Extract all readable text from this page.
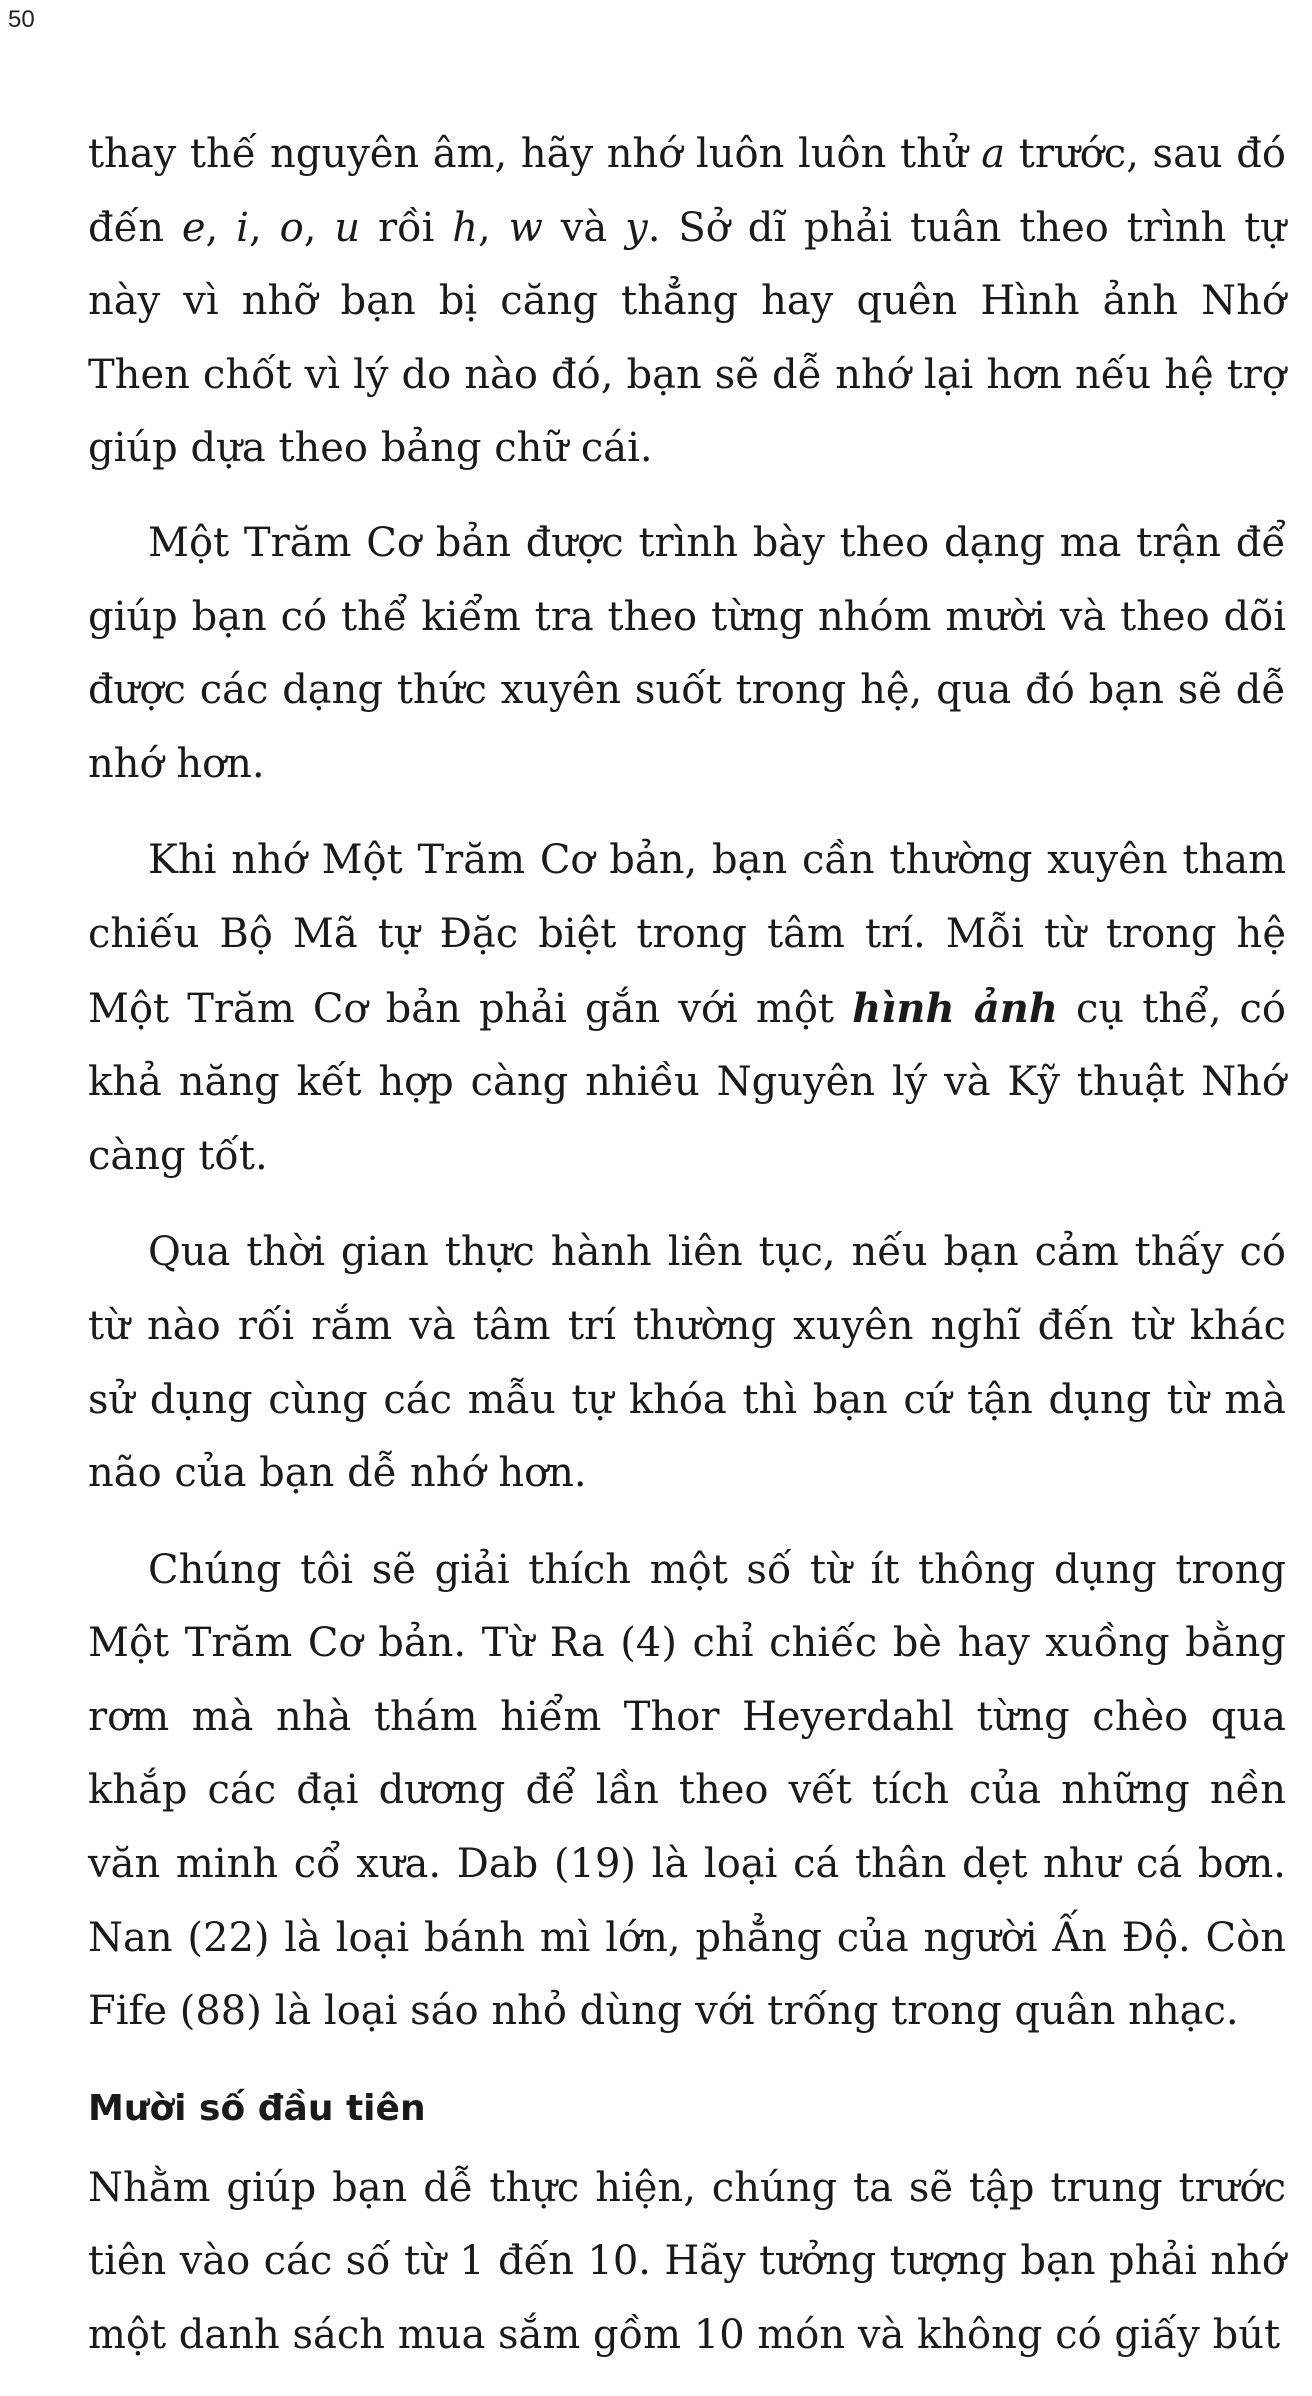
50

thay thế nguyên âm, hãy nhớ luôn luôn thử a trước, sau đó đến e, i, o, u rồi h, w và y. Sở dĩ phải tuân theo trình tự này vì nhỡ bạn bị căng thẳng hay quên Hình ảnh Nhớ Then chốt vì lý do nào đó, bạn sẽ dễ nhớ lại hơn nếu hệ trợ giúp dựa theo bảng chữ cái.

Một Trăm Cơ bản được trình bày theo dạng ma trận để giúp bạn có thể kiểm tra theo từng nhóm mười và theo dõi được các dạng thức xuyên suốt trong hệ, qua đó bạn sẽ dễ nhớ hơn.

Khi nhớ Một Trăm Cơ bản, bạn cần thường xuyên tham chiếu Bộ Mã tự Đặc biệt trong tâm trí. Mỗi từ trong hệ Một Trăm Cơ bản phải gắn với một hình ảnh cụ thể, có khả năng kết hợp càng nhiều Nguyên lý và Kỹ thuật Nhớ càng tốt.

Qua thời gian thực hành liên tục, nếu bạn cảm thấy có từ nào rối rắm và tâm trí thường xuyên nghĩ đến từ khác sử dụng cùng các mẫu tự khóa thì bạn cứ tận dụng từ mà não của bạn dễ nhớ hơn.

Chúng tôi sẽ giải thích một số từ ít thông dụng trong Một Trăm Cơ bản. Từ Ra (4) chỉ chiếc bè hay xuồng bằng rơm mà nhà thám hiểm Thor Heyerdahl từng chèo qua khắp các đại dương để lần theo vết tích của những nền văn minh cổ xưa. Dab (19) là loại cá thân dẹt như cá bơn. Nan (22) là loại bánh mì lớn, phẳng của người Ấn Độ. Còn Fife (88) là loại sáo nhỏ dùng với trống trong quân nhạc.

Mười số đầu tiên

Nhằm giúp bạn dễ thực hiện, chúng ta sẽ tập trung trước tiên vào các số từ 1 đến 10. Hãy tưởng tượng bạn phải nhớ một danh sách mua sắm gồm 10 món và không có giấy bút
